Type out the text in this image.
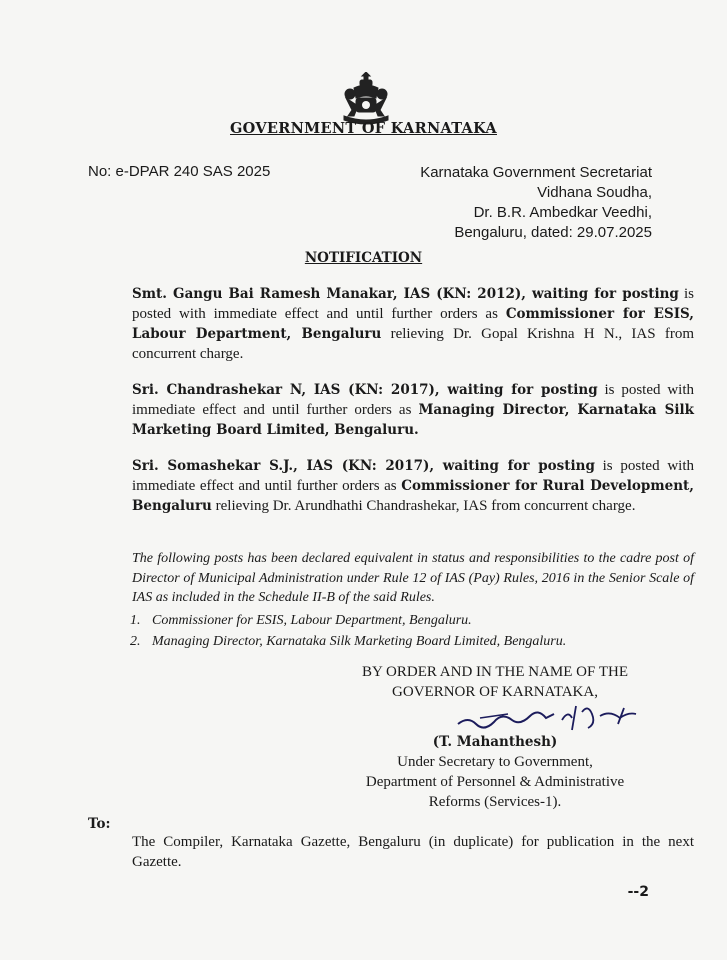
GOVERNMENT OF KARNATAKA
No: e-DPAR 240 SAS 2025	Karnataka Government Secretariat
Vidhana Soudha,
Dr. B.R. Ambedkar Veedhi,
Bengaluru, dated: 29.07.2025
NOTIFICATION
Smt. Gangu Bai Ramesh Manakar, IAS (KN: 2012), waiting for posting is posted with immediate effect and until further orders as Commissioner for ESIS, Labour Department, Bengaluru relieving Dr. Gopal Krishna H N., IAS from concurrent charge.
Sri. Chandrashekar N, IAS (KN: 2017), waiting for posting is posted with immediate effect and until further orders as Managing Director, Karnataka Silk Marketing Board Limited, Bengaluru.
Sri. Somashekar S.J., IAS (KN: 2017), waiting for posting is posted with immediate effect and until further orders as Commissioner for Rural Development, Bengaluru relieving Dr. Arundhathi Chandrashekar, IAS from concurrent charge.
The following posts has been declared equivalent in status and responsibilities to the cadre post of Director of Municipal Administration under Rule 12 of IAS (Pay) Rules, 2016 in the Senior Scale of IAS as included in the Schedule II-B of the said Rules.
1. Commissioner for ESIS, Labour Department, Bengaluru.
2. Managing Director, Karnataka Silk Marketing Board Limited, Bengaluru.
BY ORDER AND IN THE NAME OF THE
GOVERNOR OF KARNATAKA,
(T. Mahanthesh)
Under Secretary to Government,
Department of Personnel & Administrative
Reforms (Services-1).
To:
The Compiler, Karnataka Gazette, Bengaluru (in duplicate) for publication in the next Gazette.
--2
